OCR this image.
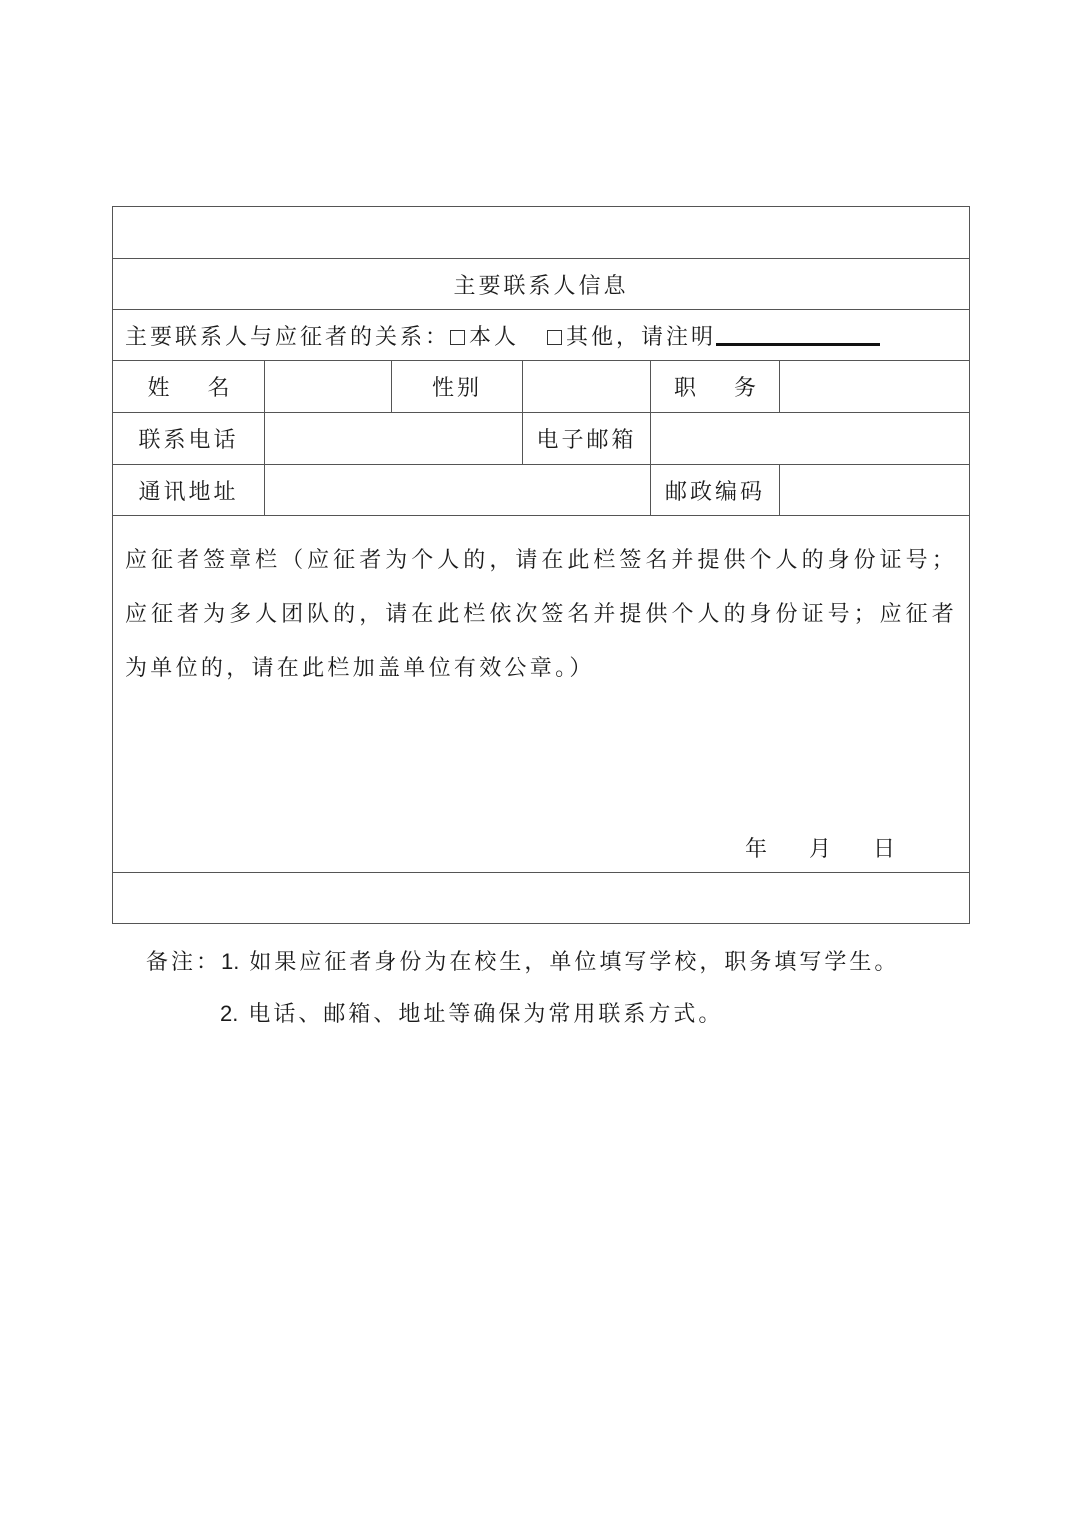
主要联系人信息					
主要联系人与应征者的关系： 本人 其他，请注明					
姓 名		性别		职 务	
联系电话			电子邮箱		
通讯地址				邮政编码	

应征者签章栏（应征者为个人的，请在此栏签名并提供个人的身份证号；应征者为多人团队的，请在此栏依次签名并提供个人的身份证号；应征者为单位的，请在此栏加盖单位有效公章。）
年 月 日					

备注：1. 如果应征者身份为在校生，单位填写学校，职务填写学生。
2. 电话、邮箱、地址等确保为常用联系方式。
